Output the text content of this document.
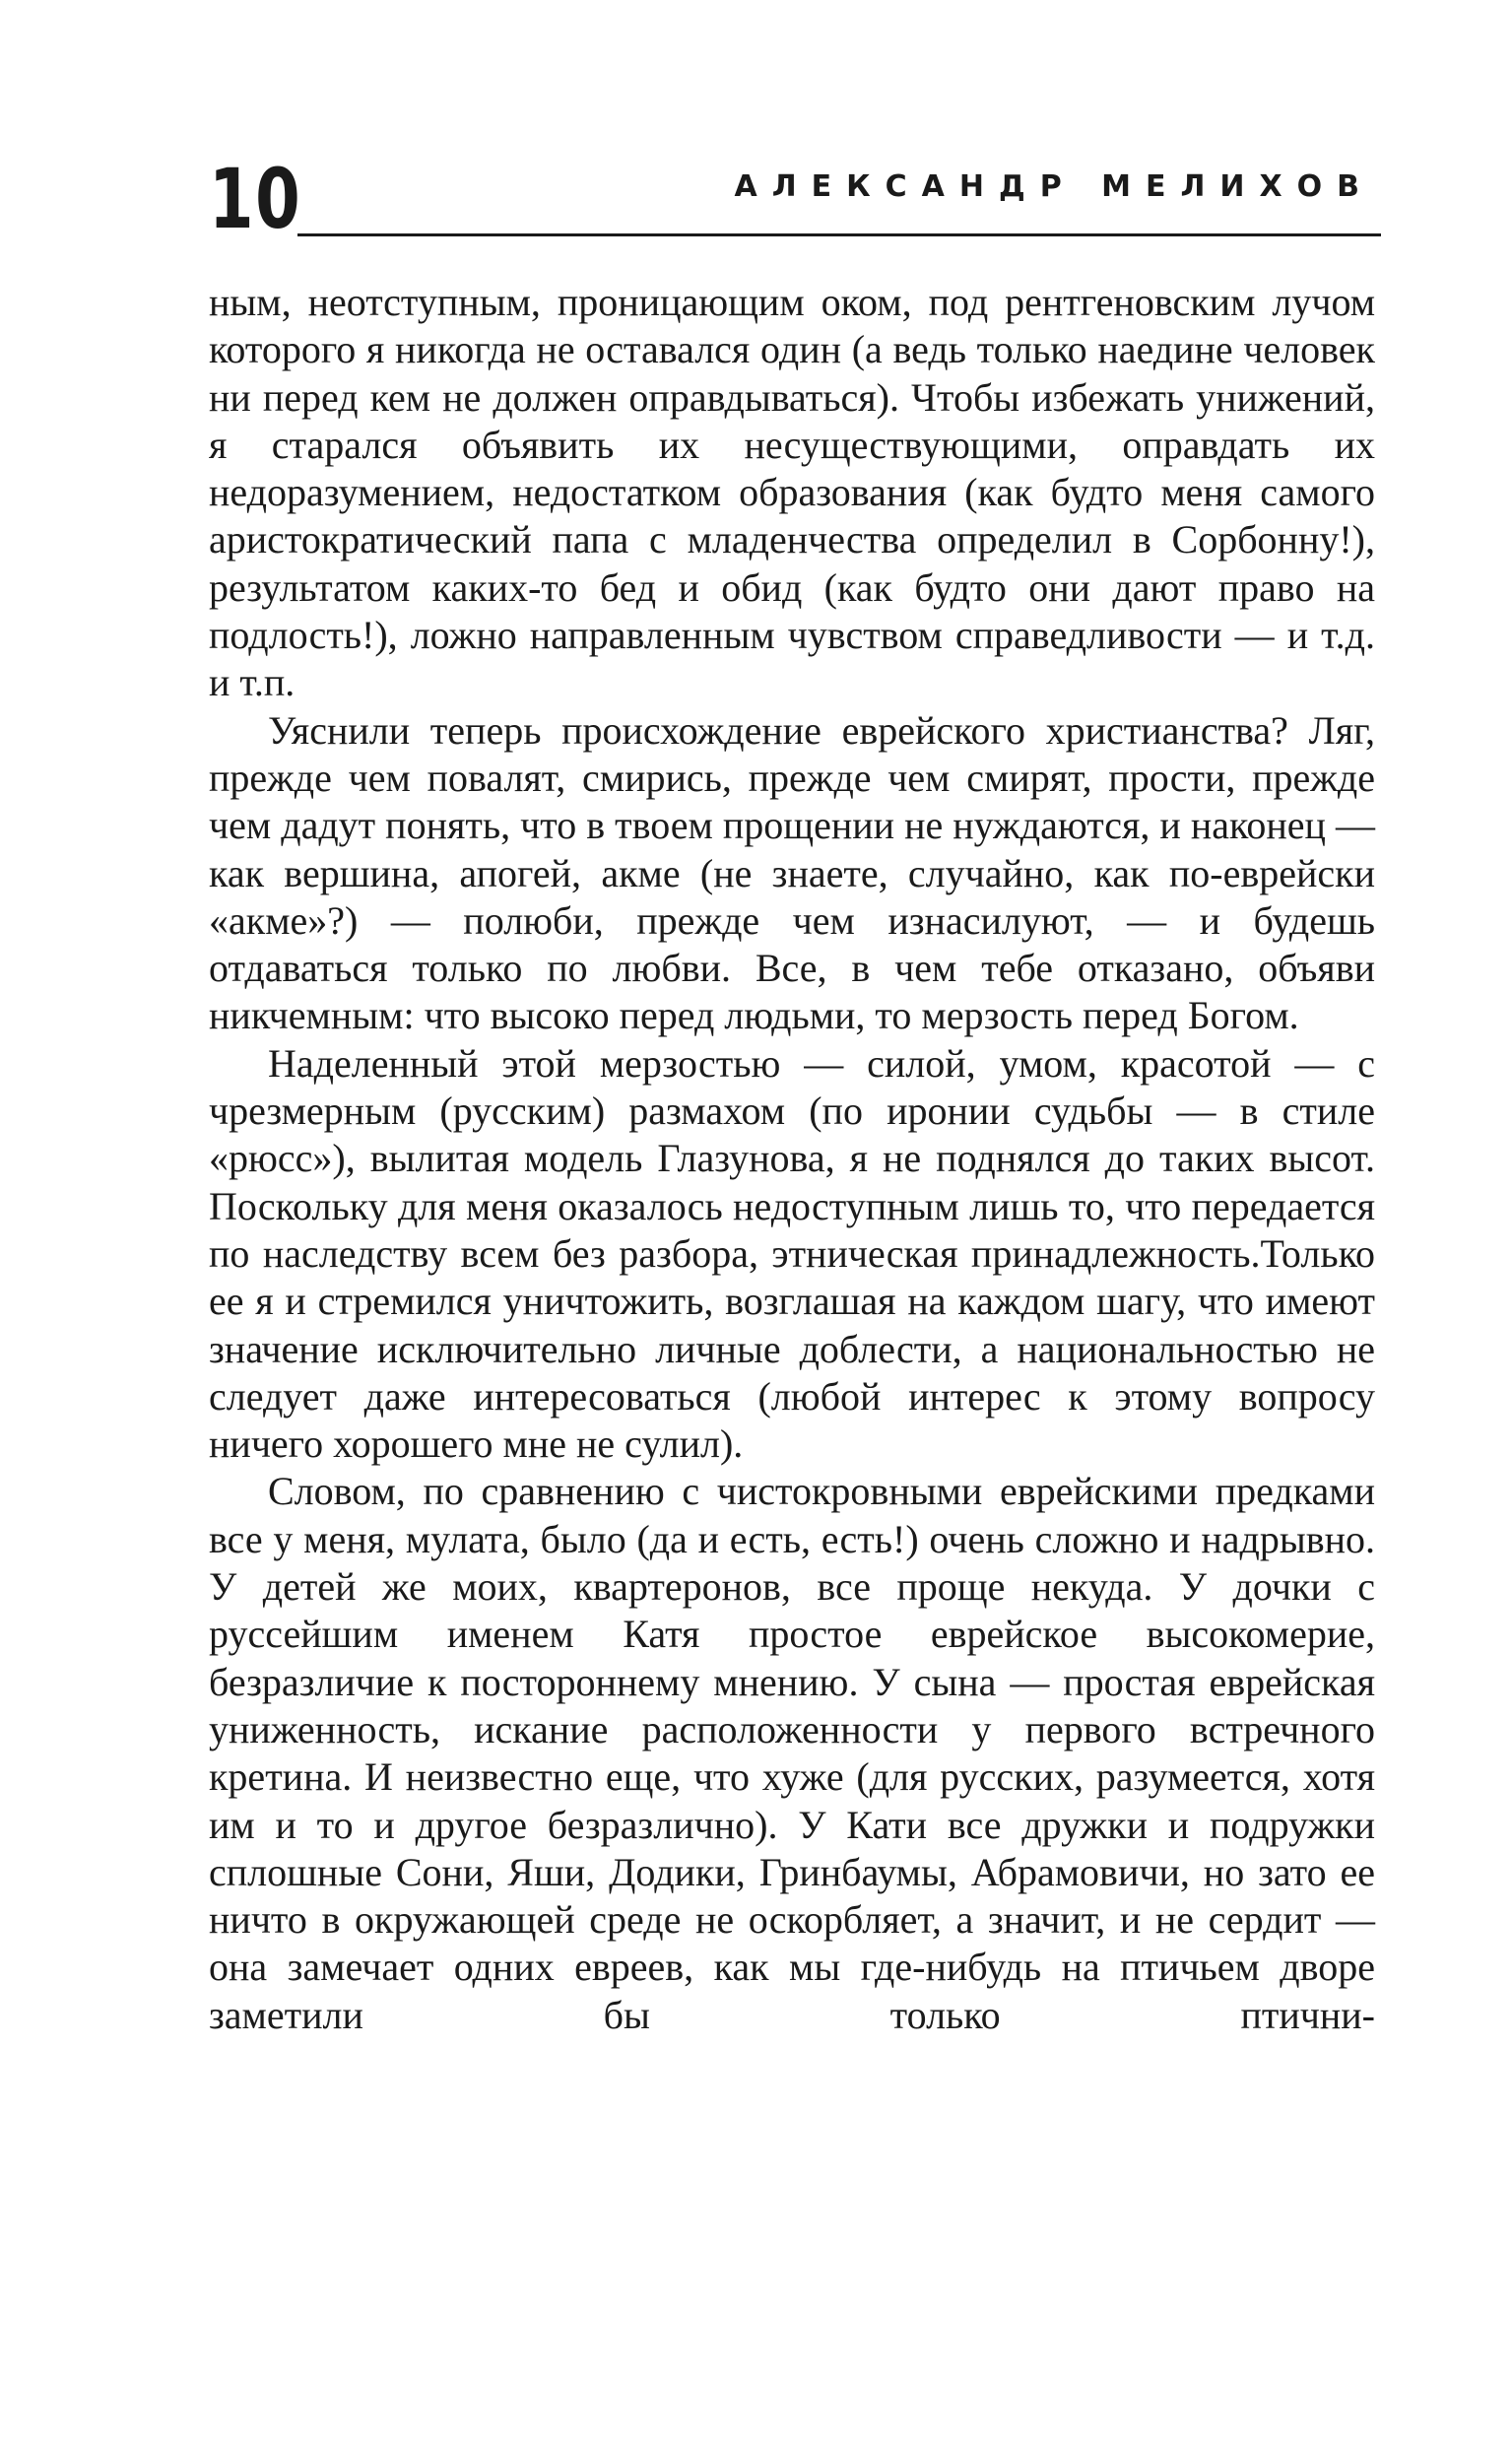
10	АЛЕКСАНДР МЕЛИХОВ

ным, неотступным, проницающим оком, под рентгеновским лучом которого я никогда не оставался один (а ведь только наедине человек ни перед кем не должен оправдываться). Чтобы избежать унижений, я старался объявить их несуществующими, оправдать их недоразумением, недостатком образования (как будто меня самого аристократический папа с младенчества определил в Сорбонну!), результатом каких-то бед и обид (как будто они дают право на подлость!), ложно направленным чувством справедливости — и т.д. и т.п.

Уяснили теперь происхождение еврейского христианства? Ляг, прежде чем повалят, смирись, прежде чем смирят, прости, прежде чем дадут понять, что в твоем прощении не нуждаются, и наконец — как вершина, апогей, акме (не знаете, случайно, как по-еврейски «акме»?) — полюби, прежде чем изнасилуют, — и будешь отдаваться только по любви. Все, в чем тебе отказано, объяви никчемным: что высоко перед людьми, то мерзость перед Богом.

Наделенный этой мерзостью — силой, умом, красотой — с чрезмерным (русским) размахом (по иронии судьбы — в стиле «рюсс»), вылитая модель Глазунова, я не поднялся до таких высот. Поскольку для меня оказалось недоступным лишь то, что передается по наследству всем без разбора, этническая принадлежность.Только ее я и стремился уничтожить, возглашая на каждом шагу, что имеют значение исключительно личные доблести, а национальностью не следует даже интересоваться (любой интерес к этому вопросу ничего хорошего мне не сулил).

Словом, по сравнению с чистокровными еврейскими предками все у меня, мулата, было (да и есть, есть!) очень сложно и надрывно. У детей же моих, квартеронов, все проще некуда. У дочки с руссейшим именем Катя простое еврейское высокомерие, безразличие к постороннему мнению. У сына — простая еврейская униженность, искание расположенности у первого встречного кретина. И неизвестно еще, что хуже (для русских, разумеется, хотя им и то и другое безразлично). У Кати все дружки и подружки сплошные Сони, Яши, Додики, Гринбаумы, Абрамовичи, но зато ее ничто в окружающей среде не оскорбляет, а значит, и не сердит — она замечает одних евреев, как мы где-нибудь на птичьем дворе заметили бы только птични-
